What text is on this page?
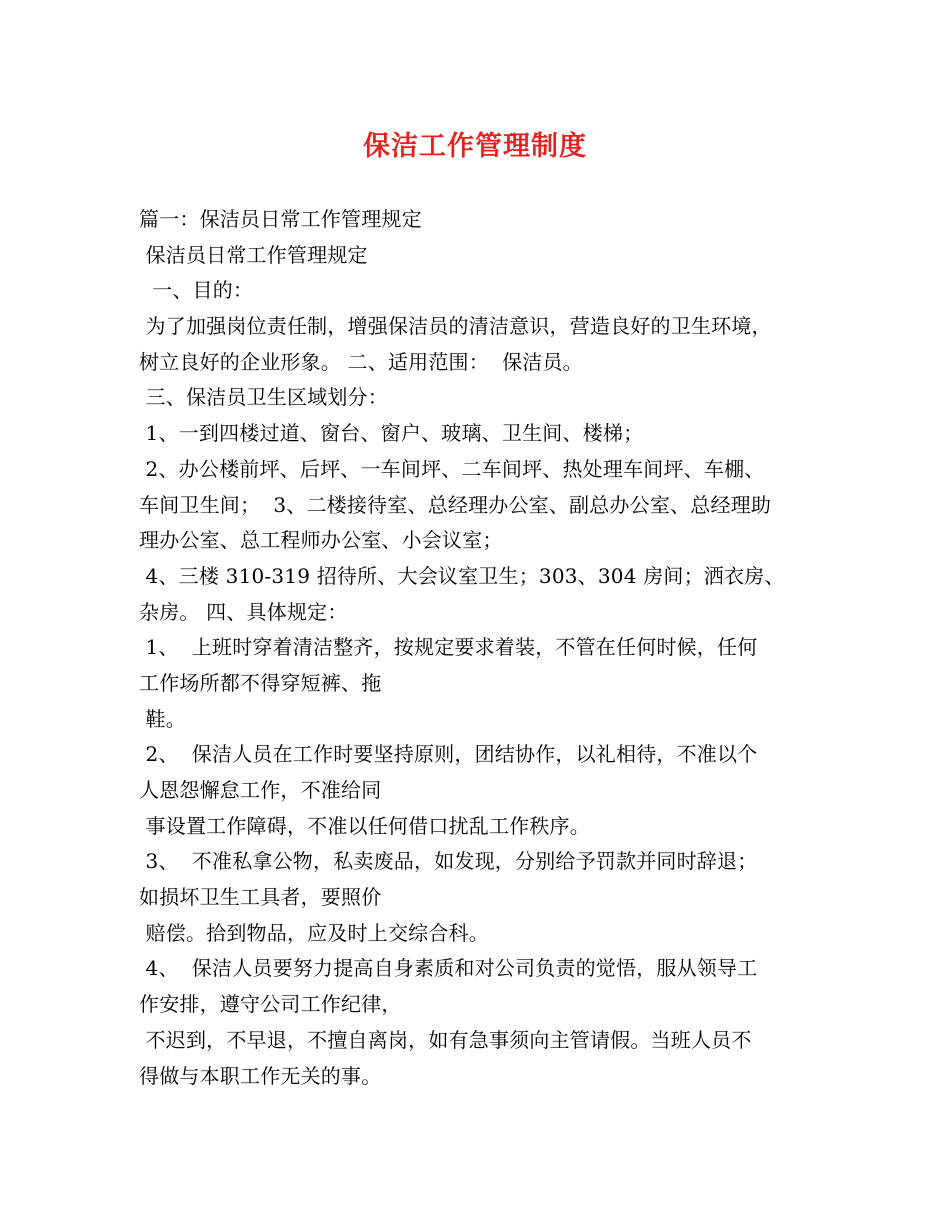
保洁工作管理制度
篇一：保洁员日常工作管理规定
保洁员日常工作管理规定
一、目的：
为了加强岗位责任制，增强保洁员的清洁意识，营造良好的卫生环境，
树立良好的企业形象。 二、适用范围：  保洁员。
三、保洁员卫生区域划分：
1、一到四楼过道、窗台、窗户、玻璃、卫生间、楼梯；
2、办公楼前坪、后坪、一车间坪、二车间坪、热处理车间坪、车棚、
车间卫生间；  3、二楼接待室、总经理办公室、副总办公室、总经理助
理办公室、总工程师办公室、小会议室；
4、三楼 310-319 招待所、大会议室卫生；303、304 房间；洒衣房、
杂房。 四、具体规定：
1、  上班时穿着清洁整齐，按规定要求着装，不管在任何时候，任何
工作场所都不得穿短裤、拖
鞋。
2、  保洁人员在工作时要坚持原则，团结协作，以礼相待，不准以个
人恩怨懈怠工作，不准给同
事设置工作障碍，不准以任何借口扰乱工作秩序。
3、  不准私拿公物，私卖废品，如发现，分别给予罚款并同时辞退；
如损坏卫生工具者，要照价
赔偿。拾到物品，应及时上交综合科。
4、  保洁人员要努力提高自身素质和对公司负责的觉悟，服从领导工
作安排，遵守公司工作纪律，
不迟到，不早退，不擅自离岗，如有急事须向主管请假。当班人员不
得做与本职工作无关的事。
